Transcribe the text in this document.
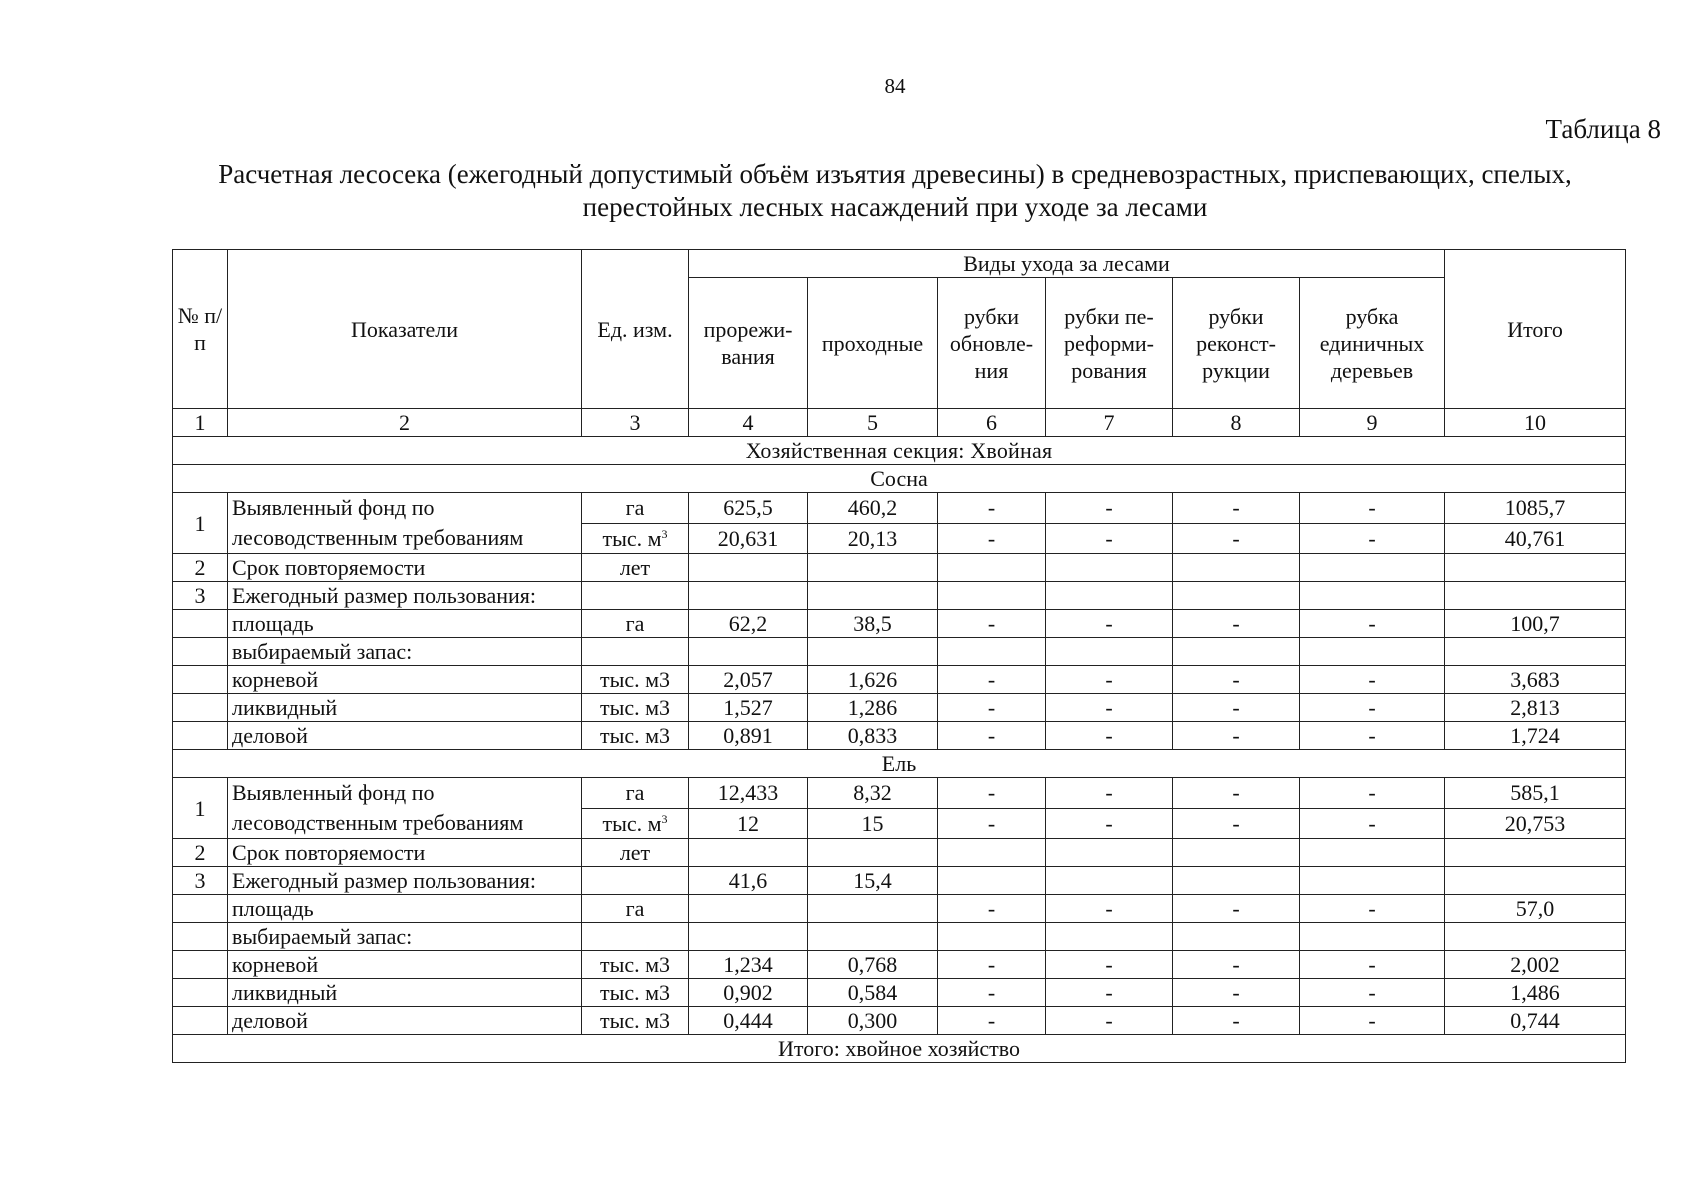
84
Таблица 8
Расчетная лесосека (ежегодный допустимый объём изъятия древесины) в средневозрастных, приспевающих, спелых, перестойных лесных насаждений при уходе за лесами
№ п/п	Показатели	Ед. изм.	Виды ухода за лесами						Итого
			прорежи-вания	проходные	рубки обновле-ния	рубки пе-реформи-рования	рубки реконст-рукции	рубка единичных деревьев	
1	2	3	4	5	6	7	8	9	10
Хозяйственная секция: Хвойная									
Сосна									
1	Выявленный фонд по лесоводственным требованиям	га	625,5	460,2	-	-	-	-	1085,7
		тыс. $м^3$	20,631	20,13	-	-	-	-	40,761
2	Срок повторяемости	лет							
3	Ежегодный размер пользования:								
	площадь	га	62,2	38,5	-	-	-	-	100,7
	выбираемый запас:								
	корневой	тыс. м3	2,057	1,626	-	-	-	-	3,683
	ликвидный	тыс. м3	1,527	1,286	-	-	-	-	2,813
	деловой	тыс. м3	0,891	0,833	-	-	-	-	1,724
Ель									
1	Выявленный фонд по лесоводственным требованиям	га	12,433	8,32	-	-	-	-	585,1
		тыс. $м^3$	12	15	-	-	-	-	20,753
2	Срок повторяемости	лет							
3	Ежегодный размер пользования:		41,6	15,4					
	площадь	га			-	-	-	-	57,0
	выбираемый запас:								
	корневой	тыс. м3	1,234	0,768	-	-	-	-	2,002
	ликвидный	тыс. м3	0,902	0,584	-	-	-	-	1,486
	деловой	тыс. м3	0,444	0,300	-	-	-	-	0,744
Итого: хвойное хозяйство									
